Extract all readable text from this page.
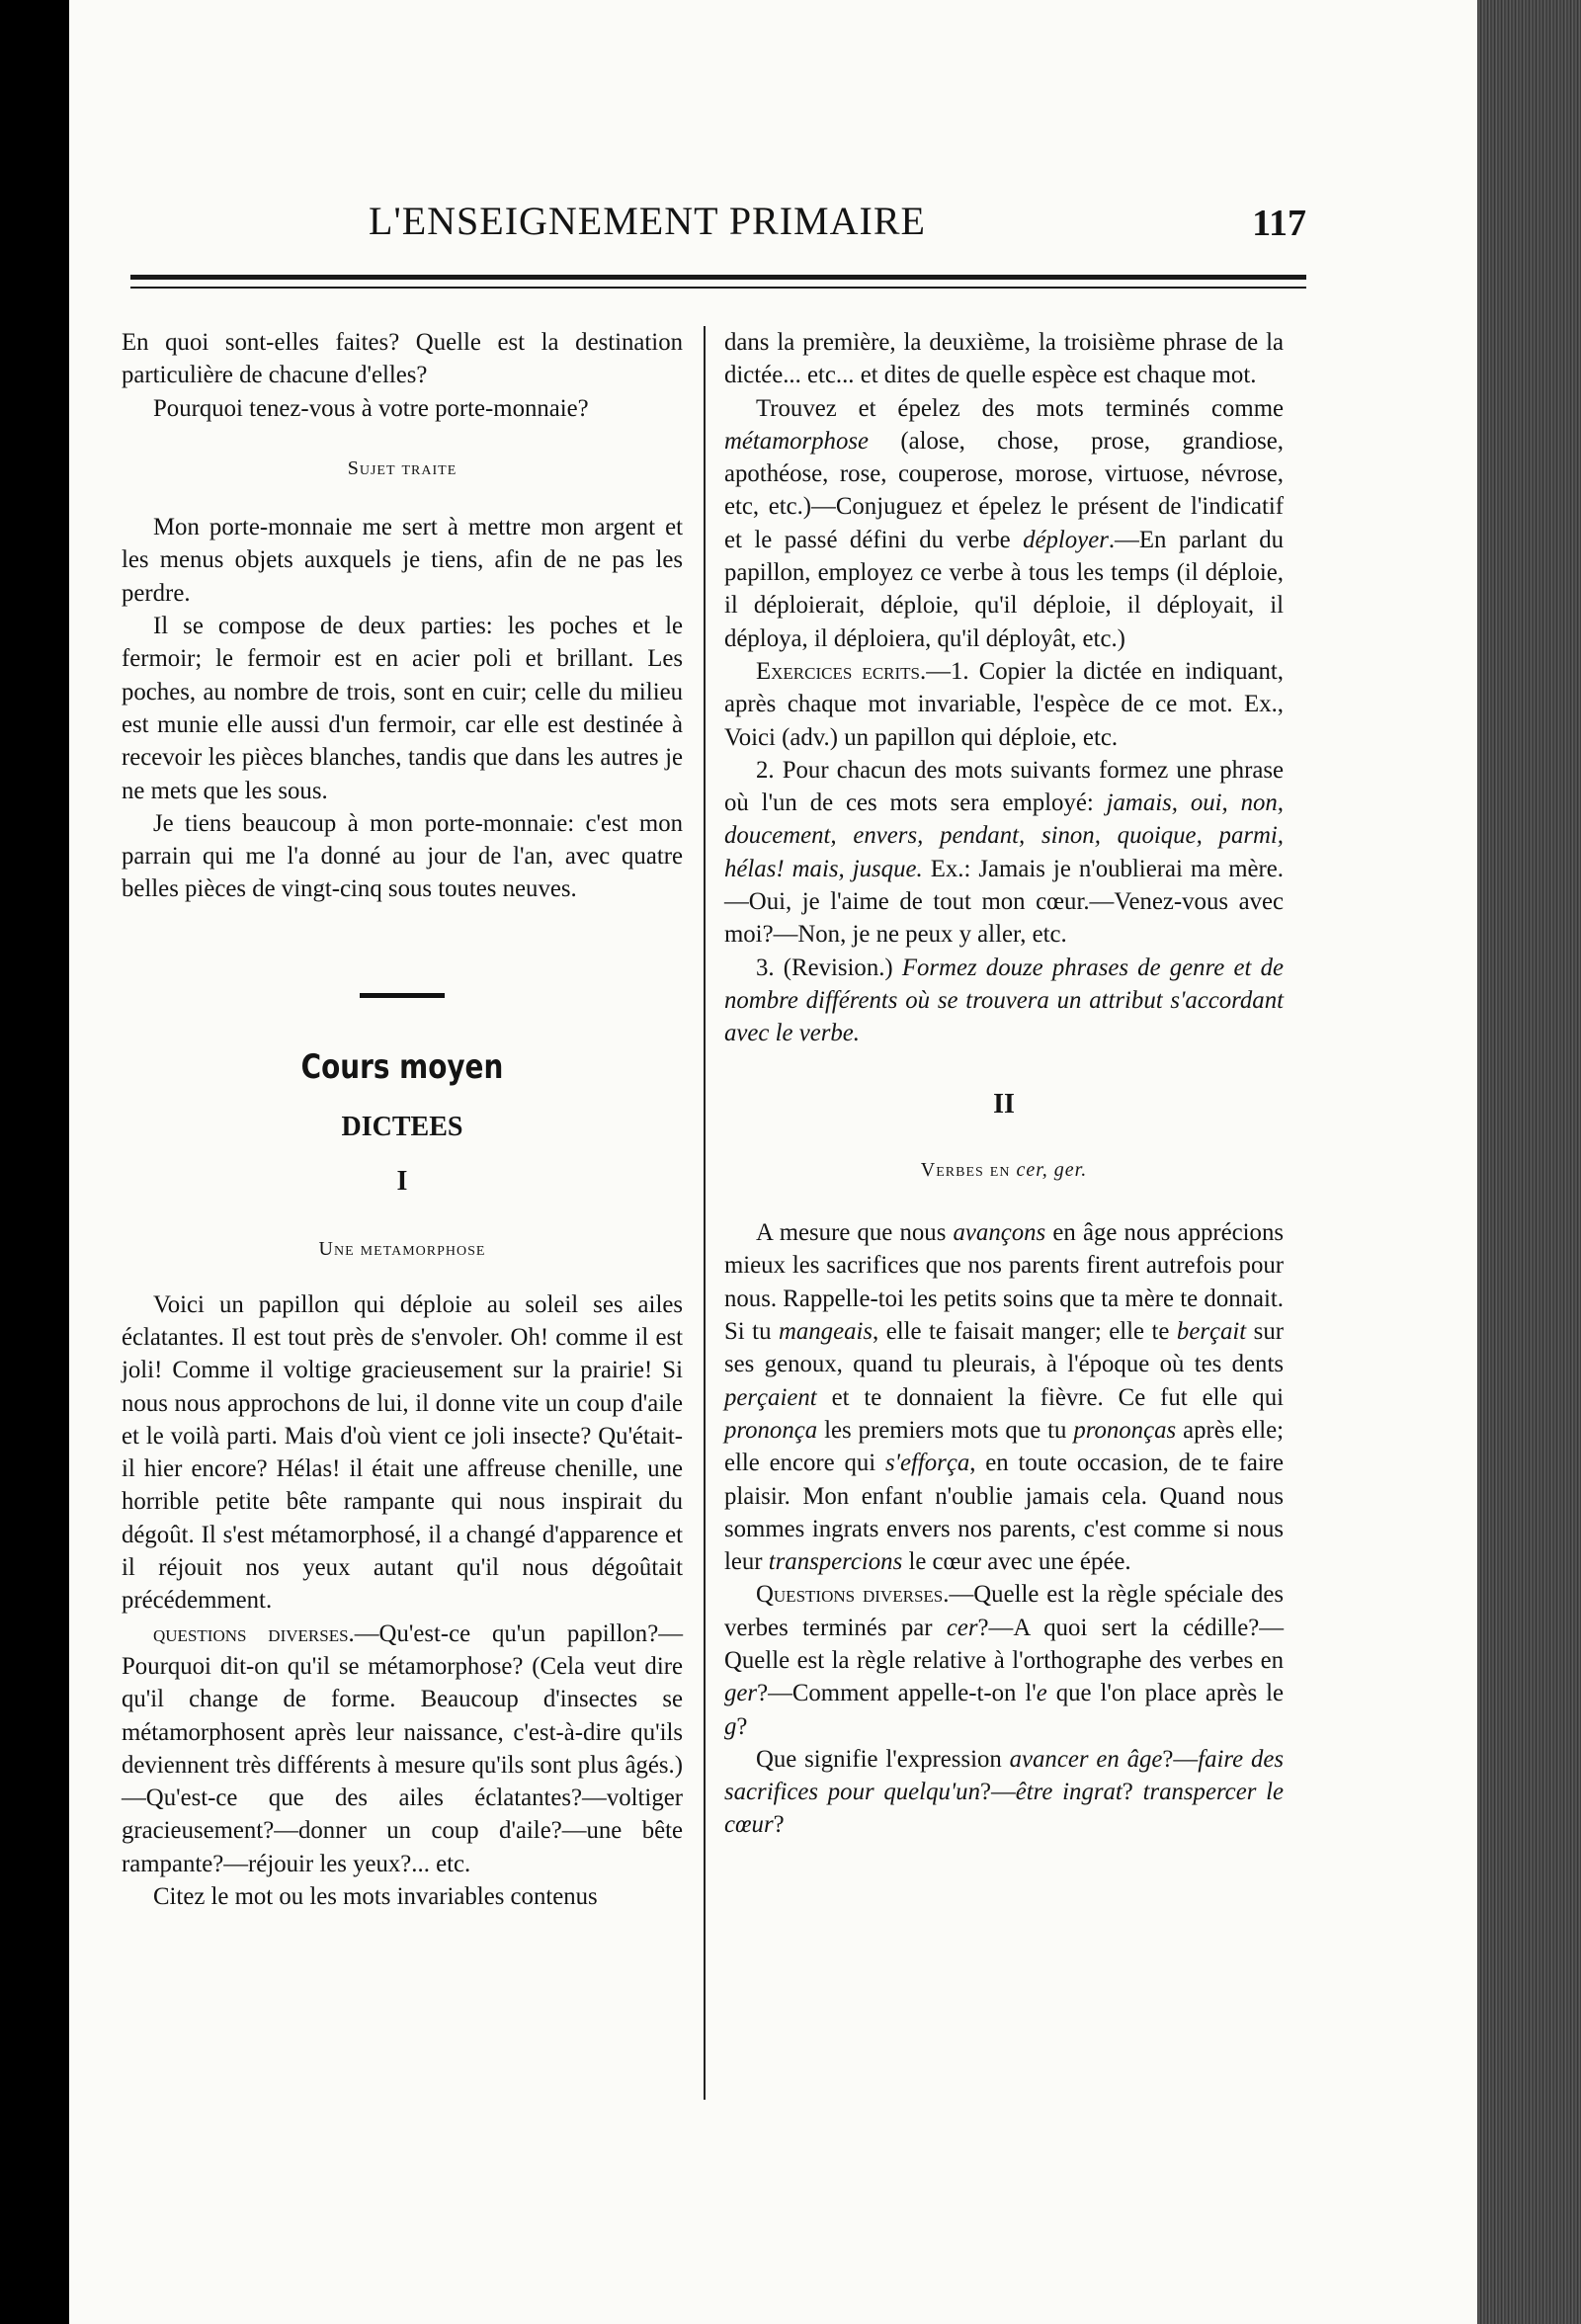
L'ENSEIGNEMENT PRIMAIRE	117

En quoi sont-elles faites? Quelle est la destination particulière de chacune d'elles?

Pourquoi tenez-vous à votre porte-monnaie?

Sujet traite

Mon porte-monnaie me sert à mettre mon argent et les menus objets auxquels je tiens, afin de ne pas les perdre.

Il se compose de deux parties: les poches et le fermoir; le fermoir est en acier poli et brillant. Les poches, au nombre de trois, sont en cuir; celle du milieu est munie elle aussi d'un fermoir, car elle est destinée à recevoir les pièces blanches, tandis que dans les autres je ne mets que les sous.

Je tiens beaucoup à mon porte-monnaie: c'est mon parrain qui me l'a donné au jour de l'an, avec quatre belles pièces de vingt-cinq sous toutes neuves.

Cours moyen
DICTEES
I
Une metamorphose

Voici un papillon qui déploie au soleil ses ailes éclatantes. Il est tout près de s'envoler. Oh! comme il est joli! Comme il voltige gracieusement sur la prairie! Si nous nous approchons de lui, il donne vite un coup d'aile et le voilà parti. Mais d'où vient ce joli insecte? Qu'était-il hier encore? Hélas! il était une affreuse chenille, une horrible petite bête rampante qui nous inspirait du dégoût. Il s'est métamorphosé, il a changé d'apparence et il réjouit nos yeux autant qu'il nous dégoûtait précédemment.

questions diverses.—Qu'est-ce qu'un papillon?—Pourquoi dit-on qu'il se métamorphose? (Cela veut dire qu'il change de forme. Beaucoup d'insectes se métamorphosent après leur naissance, c'est-à-dire qu'ils deviennent très différents à mesure qu'ils sont plus âgés.)—Qu'est-ce que des ailes éclatantes?—voltiger gracieusement?—donner un coup d'aile?—une bête rampante?—réjouir les yeux?... etc.

Citez le mot ou les mots invariables contenus

dans la première, la deuxième, la troisième phrase de la dictée... etc... et dites de quelle espèce est chaque mot.

Trouvez et épelez des mots terminés comme métamorphose (alose, chose, prose, grandiose, apothéose, rose, couperose, morose, virtuose, névrose, etc, etc.)—Conjuguez et épelez le présent de l'indicatif et le passé défini du verbe déployer.—En parlant du papillon, employez ce verbe à tous les temps (il déploie, il déploierait, déploie, qu'il déploie, il déployait, il déploya, il déploiera, qu'il déployât, etc.)

Exercices ecrits.—1. Copier la dictée en indiquant, après chaque mot invariable, l'espèce de ce mot. Ex., Voici (adv.) un papillon qui déploie, etc.

2. Pour chacun des mots suivants formez une phrase où l'un de ces mots sera employé: jamais, oui, non, doucement, envers, pendant, sinon, quoique, parmi, hélas! mais, jusque. Ex.: Jamais je n'oublierai ma mère.—Oui, je l'aime de tout mon cœur.—Venez-vous avec moi?—Non, je ne peux y aller, etc.

3. (Revision.) Formez douze phrases de genre et de nombre différents où se trouvera un attribut s'accordant avec le verbe.

II
Verbes en cer, ger.

A mesure que nous avançons en âge nous apprécions mieux les sacrifices que nos parents firent autrefois pour nous. Rappelle-toi les petits soins que ta mère te donnait. Si tu mangeais, elle te faisait manger; elle te berçait sur ses genoux, quand tu pleurais, à l'époque où tes dents perçaient et te donnaient la fièvre. Ce fut elle qui prononça les premiers mots que tu prononças après elle; elle encore qui s'efforça, en toute occasion, de te faire plaisir. Mon enfant n'oublie jamais cela. Quand nous sommes ingrats envers nos parents, c'est comme si nous leur transpercions le cœur avec une épée.

Questions diverses.—Quelle est la règle spéciale des verbes terminés par cer?—A quoi sert la cédille?—Quelle est la règle relative à l'orthographe des verbes en ger?—Comment appelle-t-on l'e que l'on place après le g?

Que signifie l'expression avancer en âge?—faire des sacrifices pour quelqu'un?—être ingrat? transpercer le cœur?
